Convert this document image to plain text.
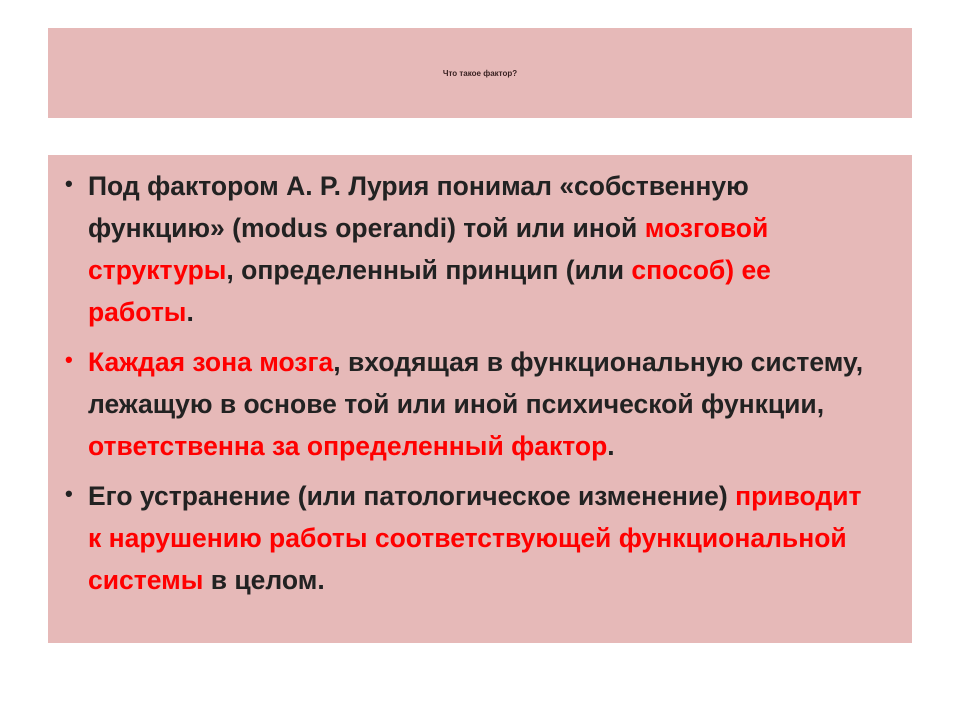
Что такое фактор?
• Под фактором А. Р. Лурия понимал «собственную функцию» (modus operandi) той или иной мозговой структуры, определенный принцип (или способ) ее работы.
• Каждая зона мозга, входящая в функциональную систему, лежащую в основе той или иной психической функции, ответственна за определенный фактор.
• Его устранение (или патологическое изменение) приводит к нарушению работы соответствующей функциональной системы в целом.
